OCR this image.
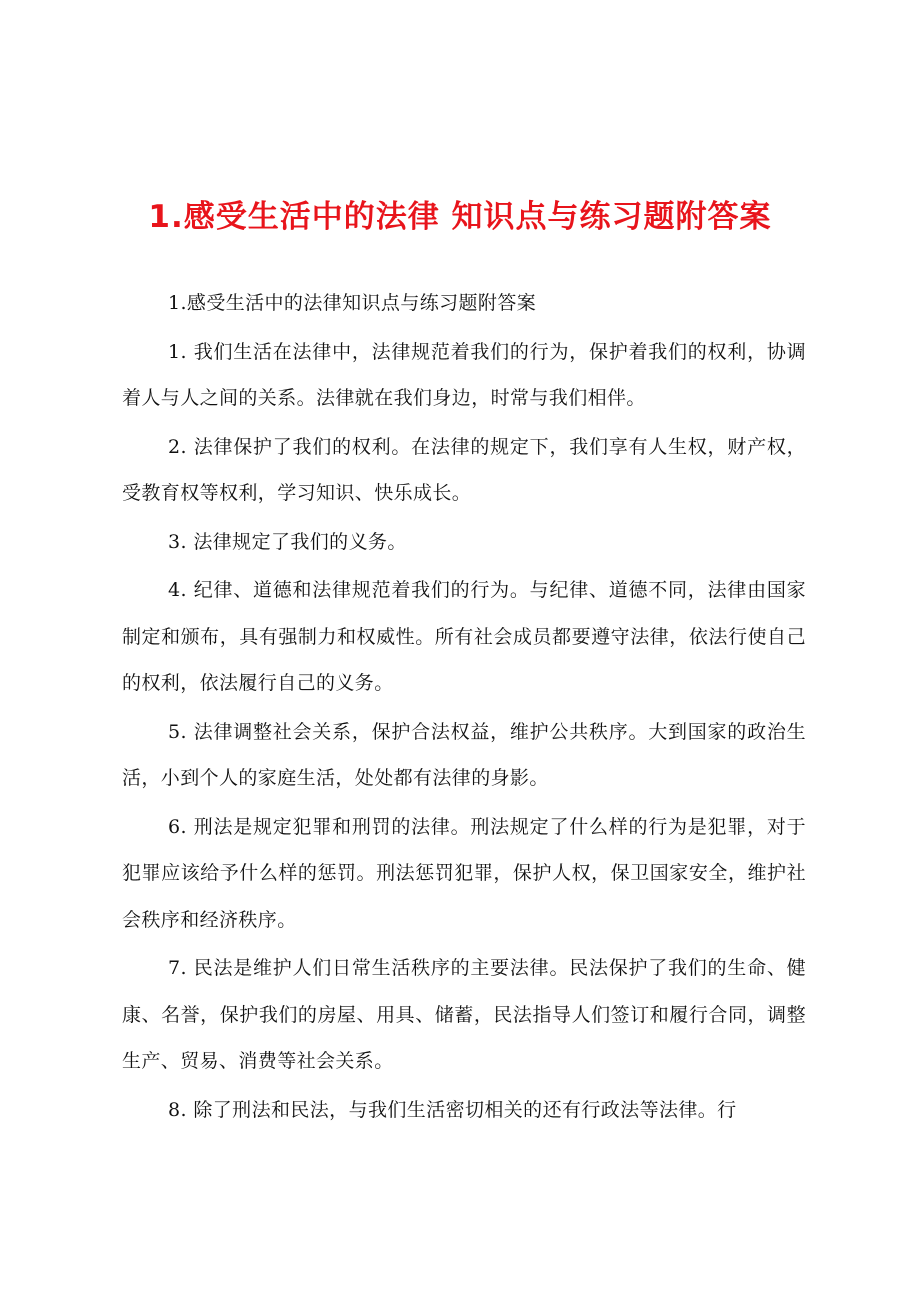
1.感受生活中的法律 知识点与练习题附答案

1.感受生活中的法律知识点与练习题附答案

1. 我们生活在法律中，法律规范着我们的行为，保护着我们的权利，协调着人与人之间的关系。法律就在我们身边，时常与我们相伴。

2. 法律保护了我们的权利。在法律的规定下，我们享有人生权，财产权，受教育权等权利，学习知识、快乐成长。

3. 法律规定了我们的义务。

4. 纪律、道德和法律规范着我们的行为。与纪律、道德不同，法律由国家制定和颁布，具有强制力和权威性。所有社会成员都要遵守法律，依法行使自己的权利，依法履行自己的义务。

5. 法律调整社会关系，保护合法权益，维护公共秩序。大到国家的政治生活，小到个人的家庭生活，处处都有法律的身影。

6. 刑法是规定犯罪和刑罚的法律。刑法规定了什么样的行为是犯罪，对于犯罪应该给予什么样的惩罚。刑法惩罚犯罪，保护人权，保卫国家安全，维护社会秩序和经济秩序。

7. 民法是维护人们日常生活秩序的主要法律。民法保护了我们的生命、健康、名誉，保护我们的房屋、用具、储蓄，民法指导人们签订和履行合同，调整生产、贸易、消费等社会关系。

8. 除了刑法和民法，与我们生活密切相关的还有行政法等法律。行
